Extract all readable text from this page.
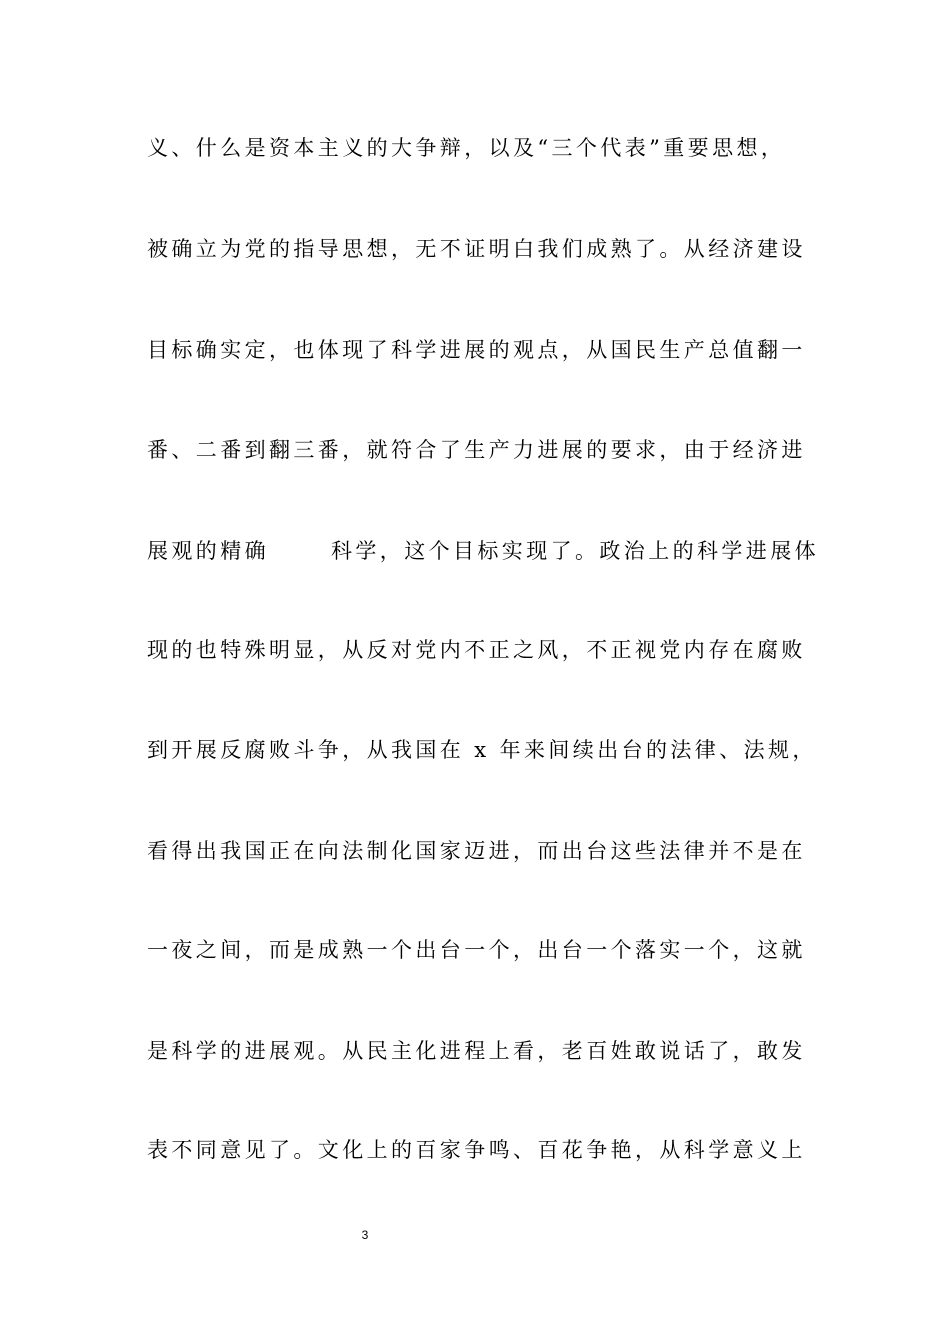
义、什么是资本主义的大争辩，以及“三个代表”重要思想，
被确立为党的指导思想，无不证明白我们成熟了。从经济建设
目标确实定，也体现了科学进展的观点，从国民生产总值翻一
番、二番到翻三番，就符合了生产力进展的要求，由于经济进
展观的精确	科学，这个目标实现了。政治上的科学进展体
现的也特殊明显，从反对党内不正之风，不正视党内存在腐败
到开展反腐败斗争，从我国在 x 年来间续出台的法律、法规，
看得出我国正在向法制化国家迈进，而出台这些法律并不是在
一夜之间，而是成熟一个出台一个，出台一个落实一个，这就
是科学的进展观。从民主化进程上看，老百姓敢说话了，敢发
表不同意见了。文化上的百家争鸣、百花争艳，从科学意义上
3
